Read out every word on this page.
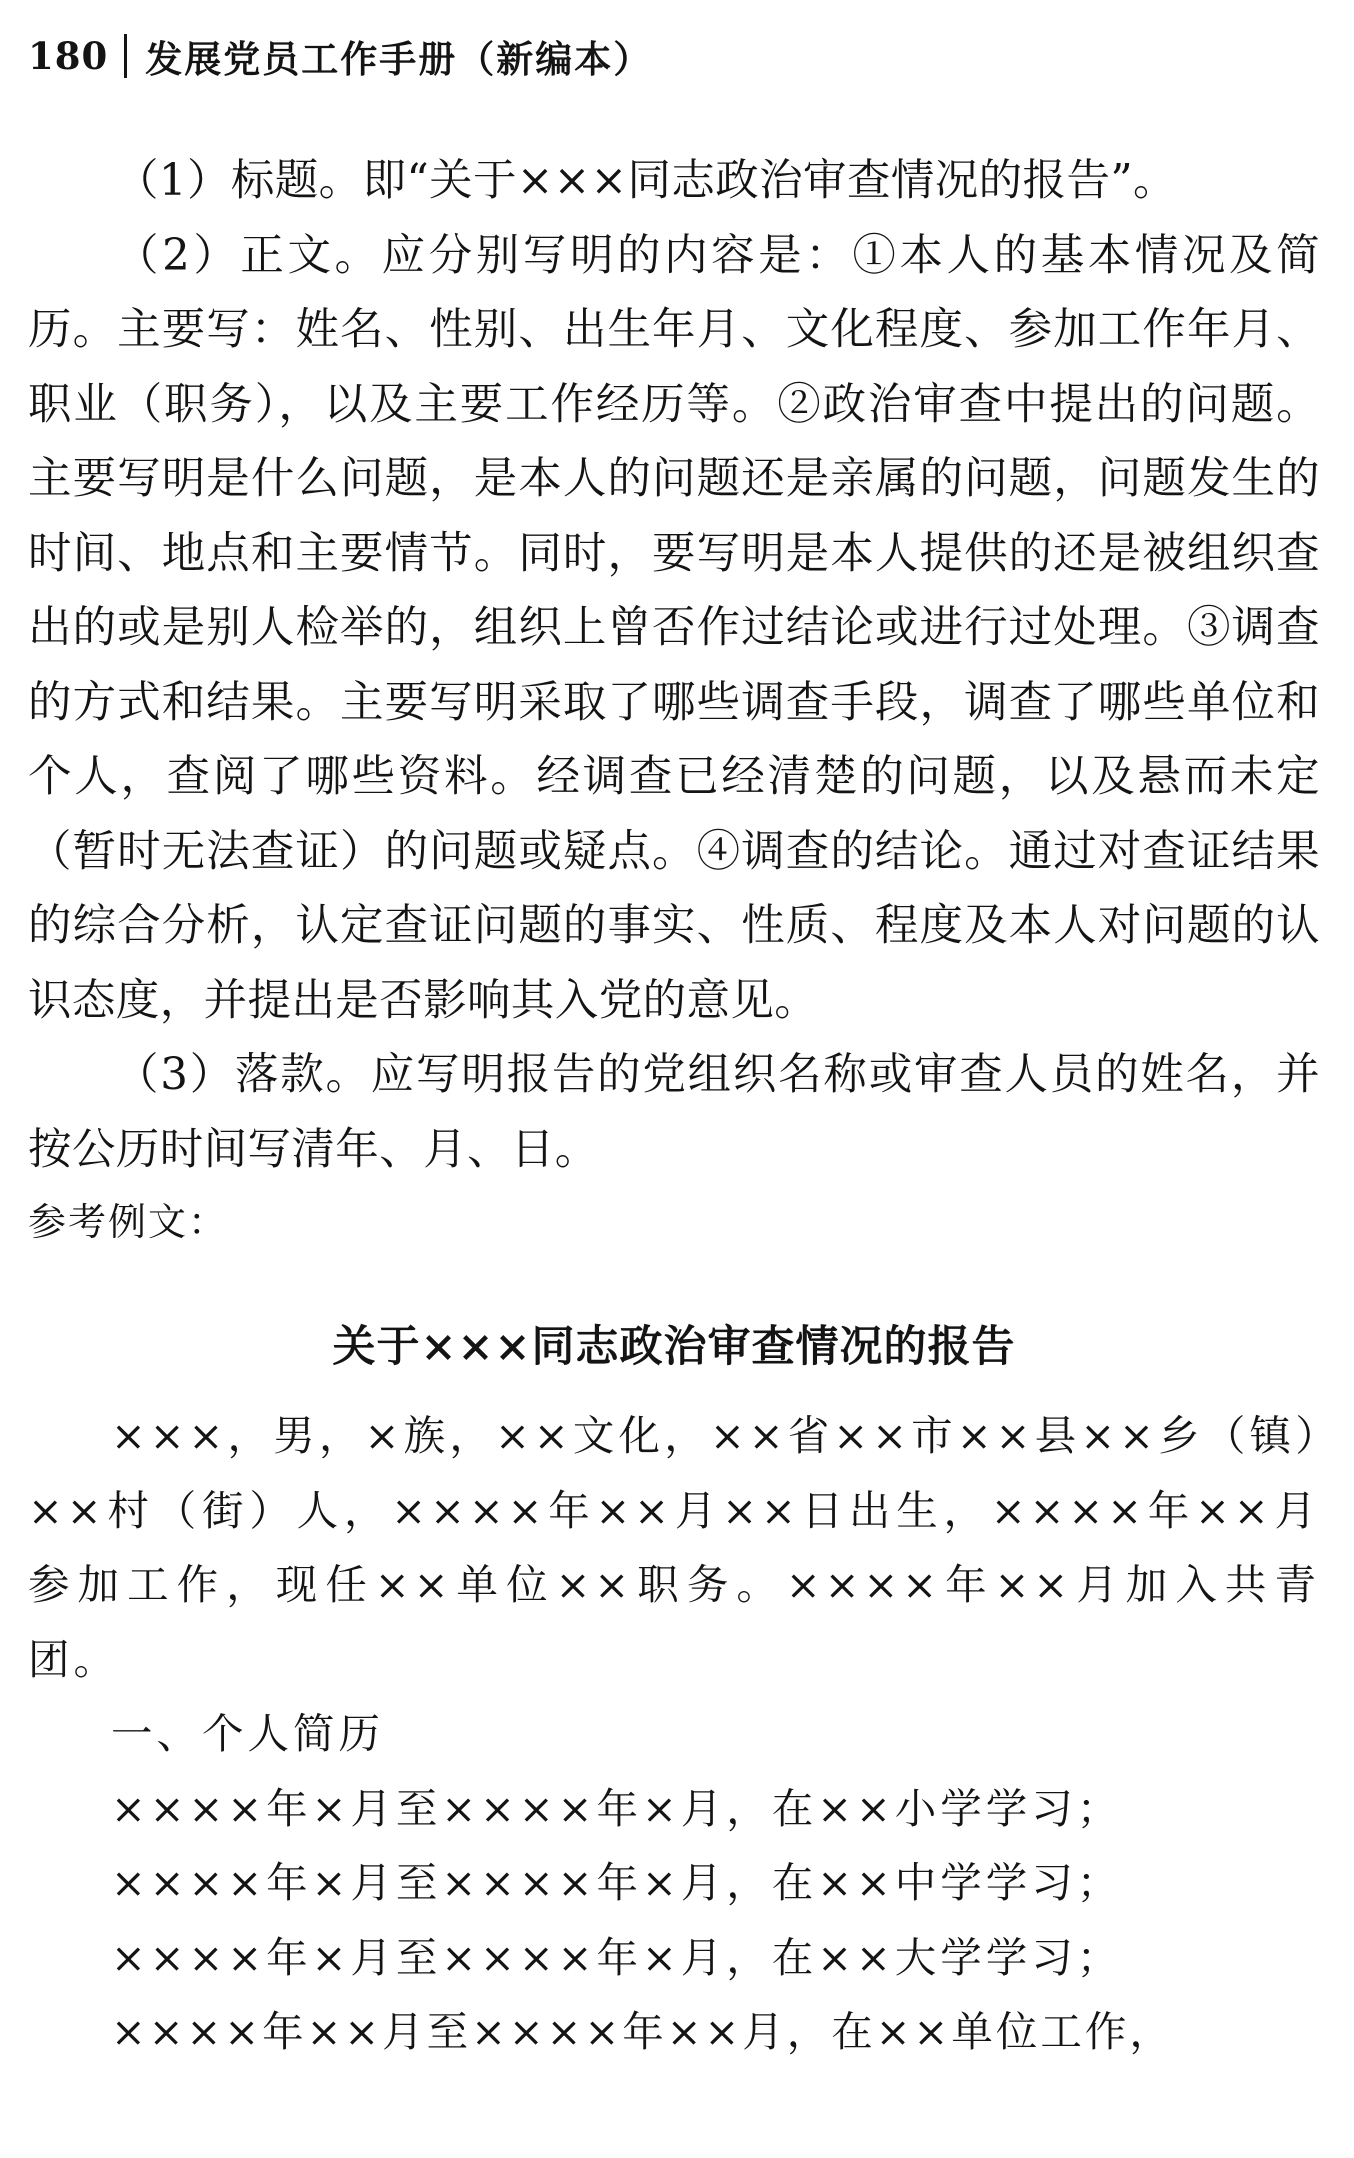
180 发展党员工作手册（新编本）

（1）标题。即“关于×××同志政治审查情况的报告”。

（2）正文。应分别写明的内容是：①本人的基本情况及简历。主要写：姓名、性别、出生年月、文化程度、参加工作年月、职业（职务），以及主要工作经历等。②政治审查中提出的问题。主要写明是什么问题，是本人的问题还是亲属的问题，问题发生的时间、地点和主要情节。同时，要写明是本人提供的还是被组织查出的或是别人检举的，组织上曾否作过结论或进行过处理。③调查的方式和结果。主要写明采取了哪些调查手段，调查了哪些单位和个人，查阅了哪些资料。经调查已经清楚的问题，以及悬而未定（暂时无法查证）的问题或疑点。④调查的结论。通过对查证结果的综合分析，认定查证问题的事实、性质、程度及本人对问题的认识态度，并提出是否影响其入党的意见。

（3）落款。应写明报告的党组织名称或审查人员的姓名，并按公历时间写清年、月、日。

参考例文：

关于×××同志政治审查情况的报告

×××，男，×族，××文化，××省××市××县××乡（镇）××村（街）人，××××年××月××日出生，××××年××月参加工作，现任××单位××职务。××××年××月加入共青团。

一、个人简历

××××年×月至××××年×月，在××小学学习；

××××年×月至××××年×月，在××中学学习；

××××年×月至××××年×月，在××大学学习；

××××年××月至××××年××月，在××单位工作，
